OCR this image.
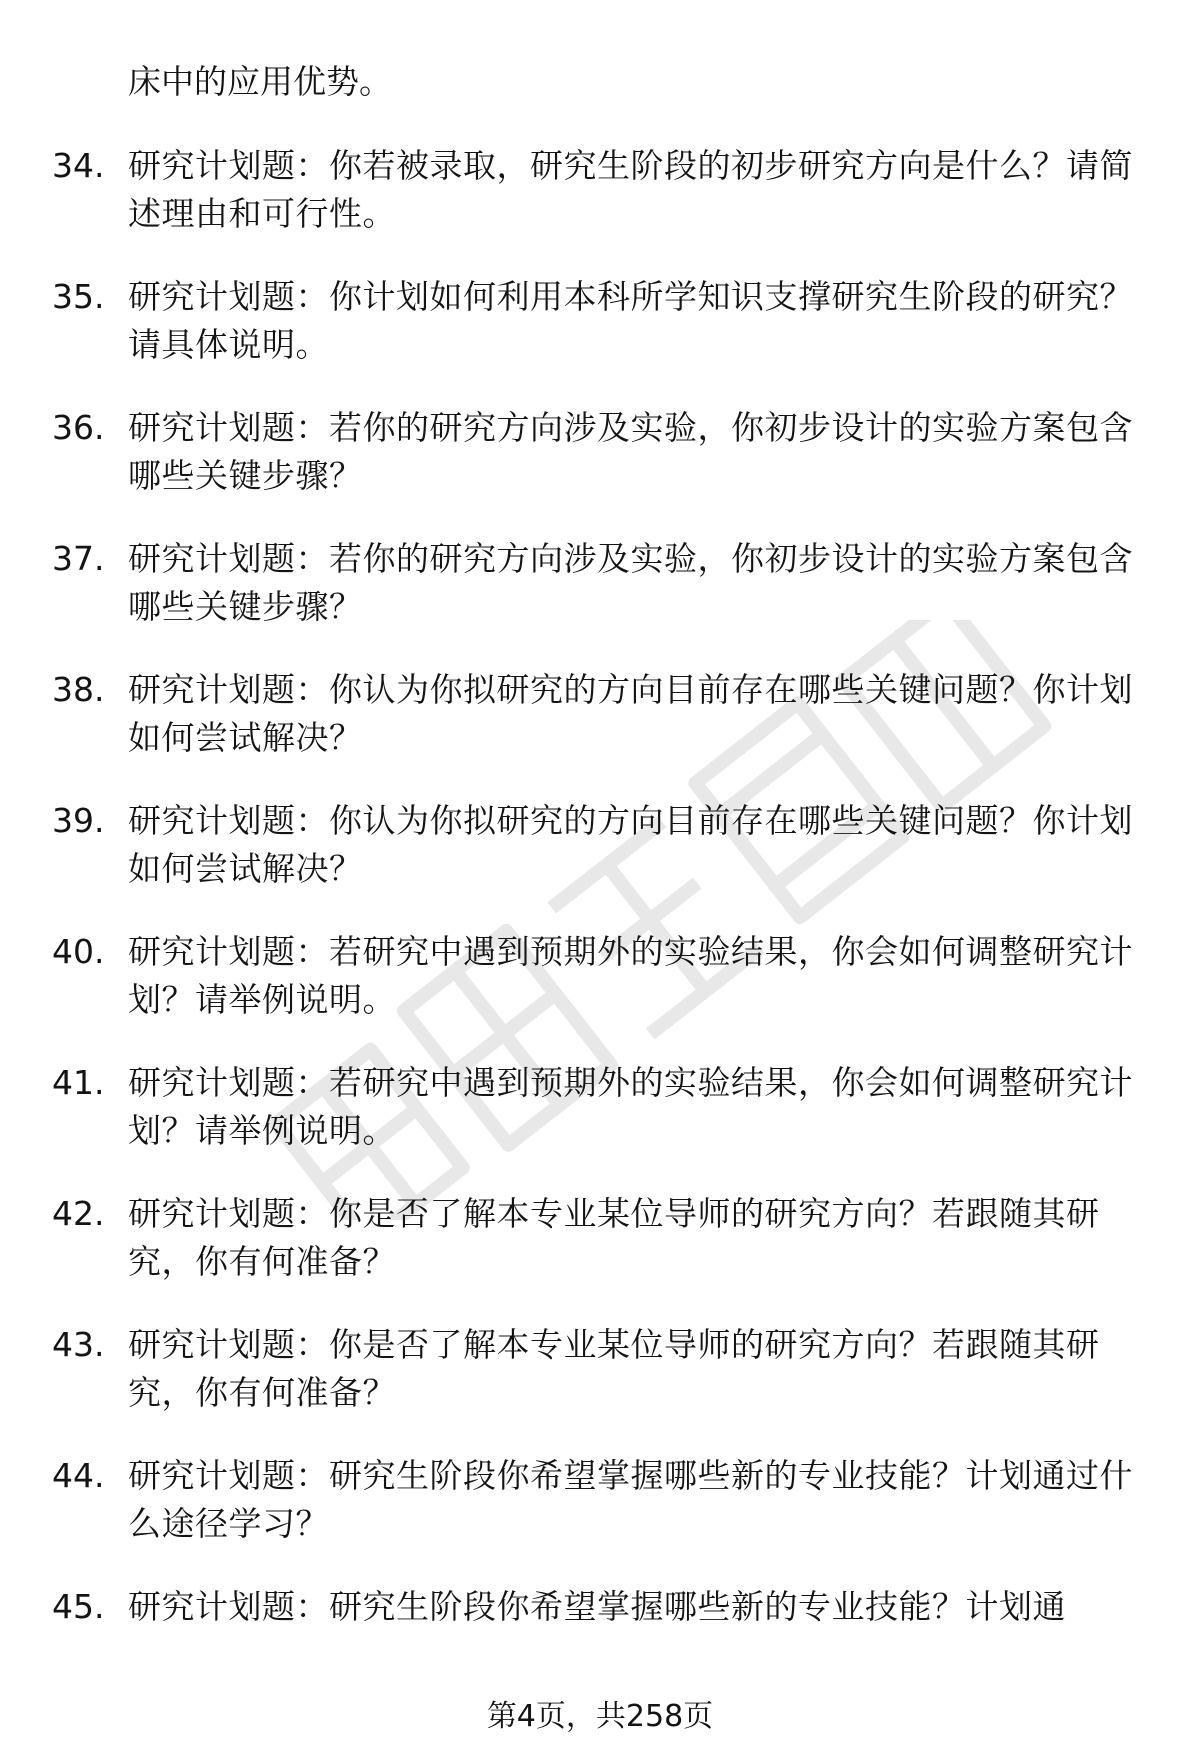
床中的应用优势。
34. 研究计划题：你若被录取，研究生阶段的初步研究方向是什么？请简述理由和可行性。
35. 研究计划题：你计划如何利用本科所学知识支撑研究生阶段的研究？请具体说明。
36. 研究计划题：若你的研究方向涉及实验，你初步设计的实验方案包含哪些关键步骤？
37. 研究计划题：若你的研究方向涉及实验，你初步设计的实验方案包含哪些关键步骤？
38. 研究计划题：你认为你拟研究的方向目前存在哪些关键问题？你计划如何尝试解决？
39. 研究计划题：你认为你拟研究的方向目前存在哪些关键问题？你计划如何尝试解决？
40. 研究计划题：若研究中遇到预期外的实验结果，你会如何调整研究计划？请举例说明。
41. 研究计划题：若研究中遇到预期外的实验结果，你会如何调整研究计划？请举例说明。
42. 研究计划题：你是否了解本专业某位导师的研究方向？若跟随其研究，你有何准备？
43. 研究计划题：你是否了解本专业某位导师的研究方向？若跟随其研究，你有何准备？
44. 研究计划题：研究生阶段你希望掌握哪些新的专业技能？计划通过什么途径学习？
45. 研究计划题：研究生阶段你希望掌握哪些新的专业技能？计划通
第4页，共258页
